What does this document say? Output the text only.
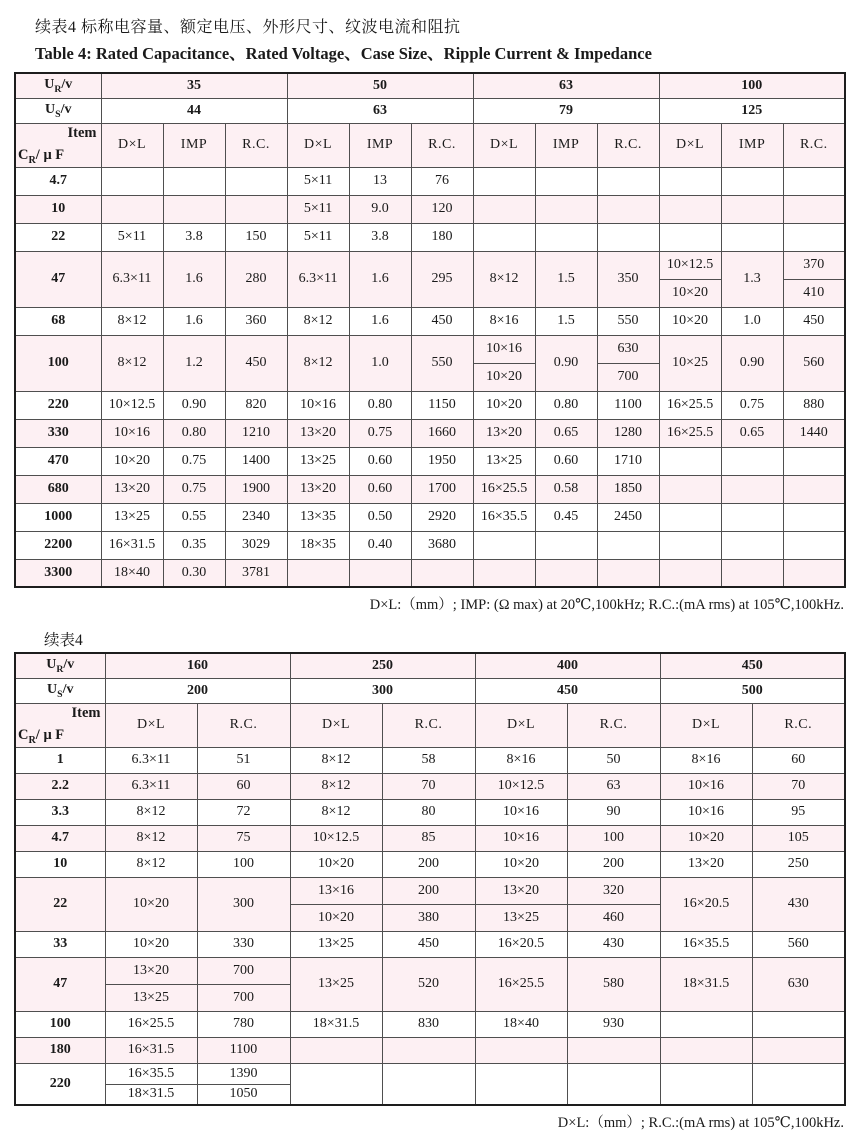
续表4 标称电容量、额定电压、外形尺寸、纹波电流和阻抗
Table 4: Rated Capacitance、Rated Voltage、Case Size、Ripple Current & Impedance
$U_R/v$	35			50			63			100		
$U_S/v$	44			63			79			125		

Item
$C_R/$ μ F	D×L	IMP	R.C.	D×L	IMP	R.C.	D×L	IMP	R.C.	D×L	IMP	R.C.
4.7				5×11	13	76						
10				5×11	9.0	120						
22	5×11	3.8	150	5×11	3.8	180						
47	6.3×11	1.6	280	6.3×11	1.6	295	8×12	1.5	350	10×12.5	1.3	370
										10×20		410
68	8×12	1.6	360	8×12	1.6	450	8×16	1.5	550	10×20	1.0	450
100	8×12	1.2	450	8×12	1.0	550	10×16	0.90	630	10×25	0.90	560
							10×20		700			
220	10×12.5	0.90	820	10×16	0.80	1150	10×20	0.80	1100	16×25.5	0.75	880
330	10×16	0.80	1210	13×20	0.75	1660	13×20	0.65	1280	16×25.5	0.65	1440
470	10×20	0.75	1400	13×25	0.60	1950	13×25	0.60	1710			
680	13×20	0.75	1900	13×20	0.60	1700	16×25.5	0.58	1850			
1000	13×25	0.55	2340	13×35	0.50	2920	16×35.5	0.45	2450			
2200	16×31.5	0.35	3029	18×35	0.40	3680						
3300	18×40	0.30	3781									
D×L:（mm）; IMP: (Ω max) at 20℃,100kHz; R.C.:(mA rms) at 105℃,100kHz.
续表4
$U_R/v$	160		250		400		450	
$U_S/v$	200		300		450		500	

Item
$C_R/$ μ F	D×L	R.C.	D×L	R.C.	D×L	R.C.	D×L	R.C.
1	6.3×11	51	8×12	58	8×16	50	8×16	60
2.2	6.3×11	60	8×12	70	10×12.5	63	10×16	70
3.3	8×12	72	8×12	80	10×16	90	10×16	95
4.7	8×12	75	10×12.5	85	10×16	100	10×20	105
10	8×12	100	10×20	200	10×20	200	13×20	250
22	10×20	300	13×16	200	13×20	320	16×20.5	430
			10×20	380	13×25	460		
33	10×20	330	13×25	450	16×20.5	430	16×35.5	560
47	13×20	700	13×25	520	16×25.5	580	18×31.5	630
	13×25	700						
100	16×25.5	780	18×31.5	830	18×40	930		
180	16×31.5	1100						
220	16×35.5	1390						
	18×31.5	1050						
D×L:（mm）; R.C.:(mA rms) at 105℃,100kHz.
